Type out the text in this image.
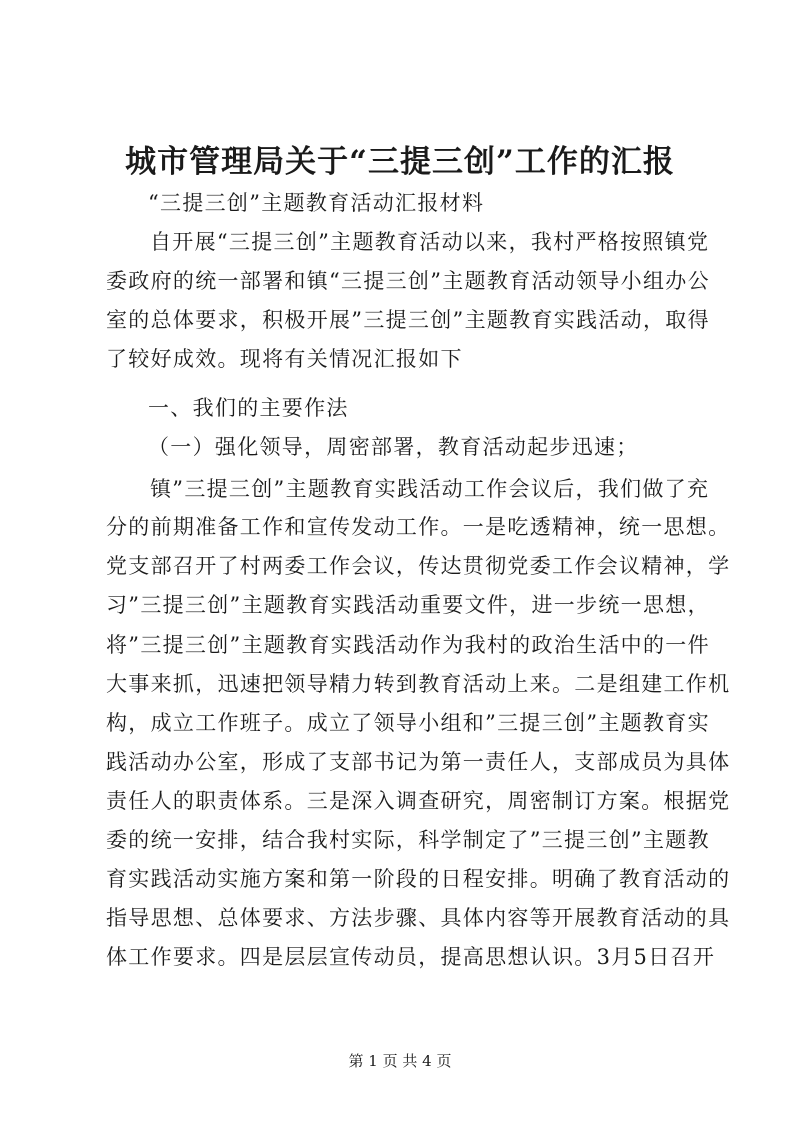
城市管理局关于“三提三创”工作的汇报
“三提三创”主题教育活动汇报材料
自开展“三提三创”主题教育活动以来，我村严格按照镇党
委政府的统一部署和镇“三提三创”主题教育活动领导小组办公
室的总体要求，积极开展”三提三创”主题教育实践活动，取得
了较好成效。现将有关情况汇报如下
一、我们的主要作法
（一）强化领导，周密部署，教育活动起步迅速；
镇”三提三创”主题教育实践活动工作会议后，我们做了充
分的前期准备工作和宣传发动工作。一是吃透精神，统一思想。
党支部召开了村两委工作会议，传达贯彻党委工作会议精神，学
习”三提三创”主题教育实践活动重要文件，进一步统一思想，
将”三提三创”主题教育实践活动作为我村的政治生活中的一件
大事来抓，迅速把领导精力转到教育活动上来。二是组建工作机
构，成立工作班子。成立了领导小组和”三提三创”主题教育实
践活动办公室，形成了支部书记为第一责任人，支部成员为具体
责任人的职责体系。三是深入调查研究，周密制订方案。根据党
委的统一安排，结合我村实际，科学制定了”三提三创”主题教
育实践活动实施方案和第一阶段的日程安排。明确了教育活动的
指导思想、总体要求、方法步骤、具体内容等开展教育活动的具
体工作要求。四是层层宣传动员，提高思想认识。3月5日召开
第 1 页 共 4 页
